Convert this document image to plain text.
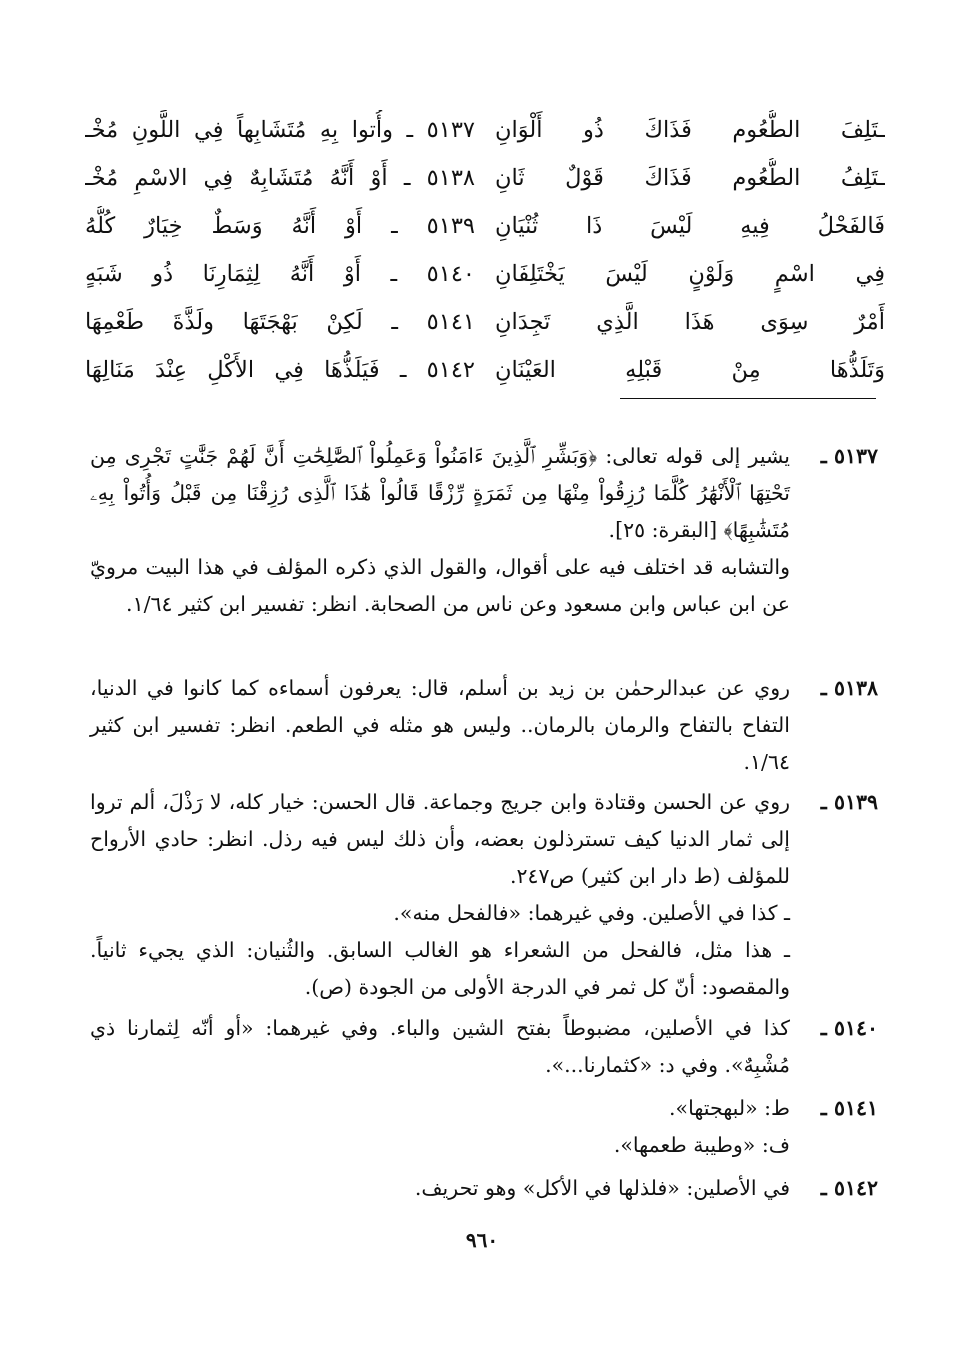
٥١٣٧ ـ وأُتوا بِهِ مُتَشَابِهاً فِي اللَّونِ مُخْـ ـتَلِفَ الطُّعُوم فَذَاكَ ذُو أَلْوَانِ
٥١٣٨ ـ أَوْ أَنَّهُ مُتَشَابِهٌ فِي الاسْمِ مُخْـ ـتَلِفُ الطُّعُوم فَذَاكَ قَوْلٌ ثَانِ
٥١٣٩ ـ أَوْ أَنَّهُ وَسَطٌ خِيَارٌ كُلُّهُ فَالفَحْلُ فِيهِ لَيْسَ ذَا ثُنْيَانِ
٥١٤٠ ـ أَوْ أَنَّهُ لِثِمَارِنَا ذُو شَبَهٍ فِي اسْمٍ وَلَوْنٍ لَيْسَ يَخْتَلِفَانِ
٥١٤١ ـ لَكِنْ بَهْجَتَهَا ولَذَّةَ طَعْمِهَا أَمْرٌ سِوَى هَذَا الَّذِي تَجِدَانِ
٥١٤٢ ـ فَيَلَذُّهَا فِي الأَكْلِ عِنْدَ مَنَالِهَا وَتَلَذُّهَا مِنْ قَبْلِهِ العَيْنَانِ
٥١٣٧ ـ
يشير إلى قوله تعالى: ﴿وَبَشِّرِ ٱلَّذِينَ ءَامَنُواْ وَعَمِلُواْ ٱلصَّٰلِحَٰتِ أَنَّ لَهُمْ جَنَّٰتٍ تَجْرِى مِن تَحْتِهَا ٱلْأَنْهَٰرُ كُلَّمَا رُزِقُواْ مِنْهَا مِن ثَمَرَةٍ رِّزْقًا قَالُواْ هَٰذَا ٱلَّذِى رُزِقْنَا مِن قَبْلُ وَأُتُواْ بِهِۦ مُتَشَٰبِهًا﴾ [البقرة: ٢٥].
والتشابه قد اختلف فيه على أقوال، والقول الذي ذكره المؤلف في هذا البيت مرويّ عن ابن عباس وابن مسعود وعن ناس من الصحابة. انظر: تفسير ابن كثير ١/٦٤.
٥١٣٨ ـ
روي عن عبدالرحمٰن بن زيد بن أسلم، قال: يعرفون أسماءه كما كانوا في الدنيا، التفاح بالتفاح والرمان بالرمان.. وليس هو مثله في الطعم. انظر: تفسير ابن كثير ١/٦٤.
٥١٣٩ ـ
روي عن الحسن وقتادة وابن جريج وجماعة. قال الحسن: خيار كله، لا رَذْلَ، ألم تروا إلى ثمار الدنيا كيف تسترذلون بعضه، وأن ذلك ليس فيه رذل. انظر: حادي الأرواح للمؤلف (ط دار ابن كثير) ص٢٤٧.
ـ كذا في الأصلين. وفي غيرهما: «فالفحل منه».
ـ هذا مثل، فالفحل من الشعراء هو الغالب السابق. والثُنيان: الذي يجيء ثانياً. والمقصود: أنّ كل ثمر في الدرجة الأولى من الجودة (ص).
٥١٤٠ ـ
كذا في الأصلين، مضبوطاً بفتح الشين والباء. وفي غيرهما: «أو أنّه لِثمارنا ذي مُشْبِهٌ». وفي د: «كثمارنا...».
٥١٤١ ـ
ط: «لبهجتها».
ف: «وطيبة طعمها».
٥١٤٢ ـ
في الأصلين: «فلذلها في الأكل» وهو تحريف.
٩٦٠
